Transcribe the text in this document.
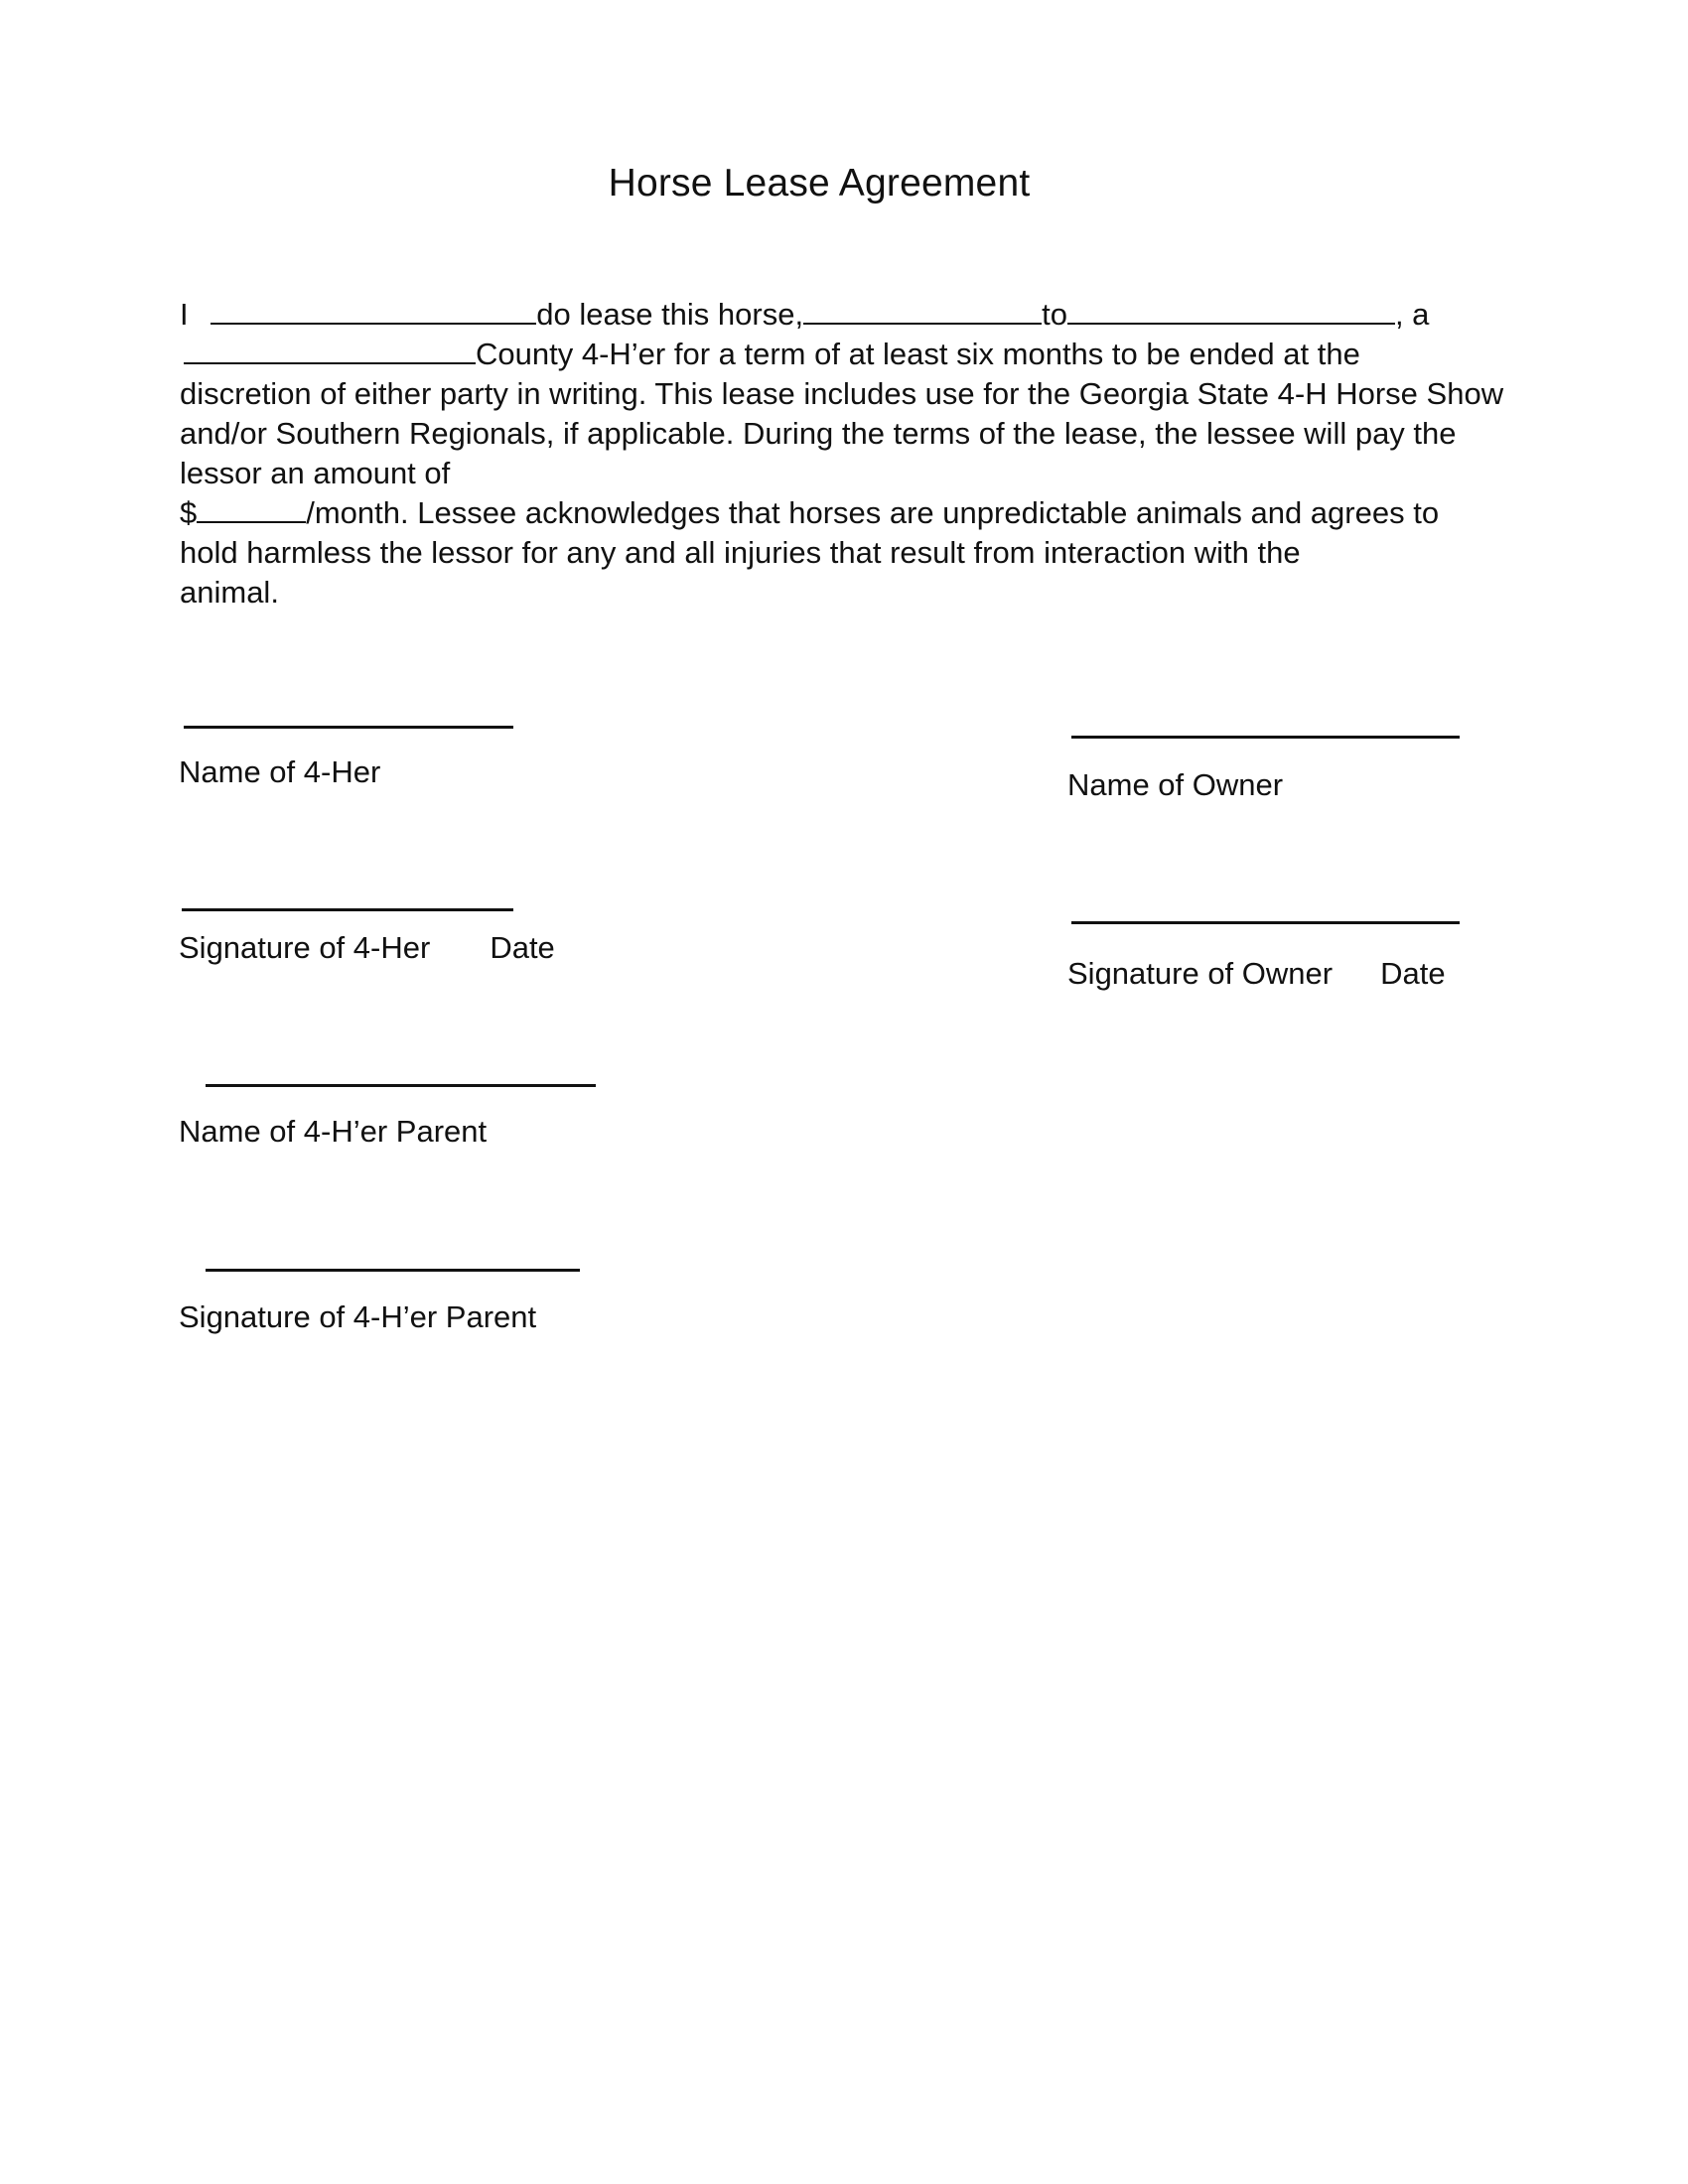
Horse Lease Agreement
I	do lease this horse,	to	, a
County 4-H’er for a term of at least six months to be ended at the
discretion of either party in writing. This lease includes use for the Georgia State 4-H Horse Show
and/or Southern Regionals, if applicable. During the terms of the lease, the lessee will pay the
lessor an amount of
$	/month. Lessee acknowledges that horses are unpredictable animals and agrees to
hold harmless the lessor for any and all injuries that result from interaction with the
animal.
Name of 4-Her
Signature of 4-Her Date
Name of 4-H’er Parent
Signature of 4-H’er Parent
Name of Owner
Signature of Owner Date
